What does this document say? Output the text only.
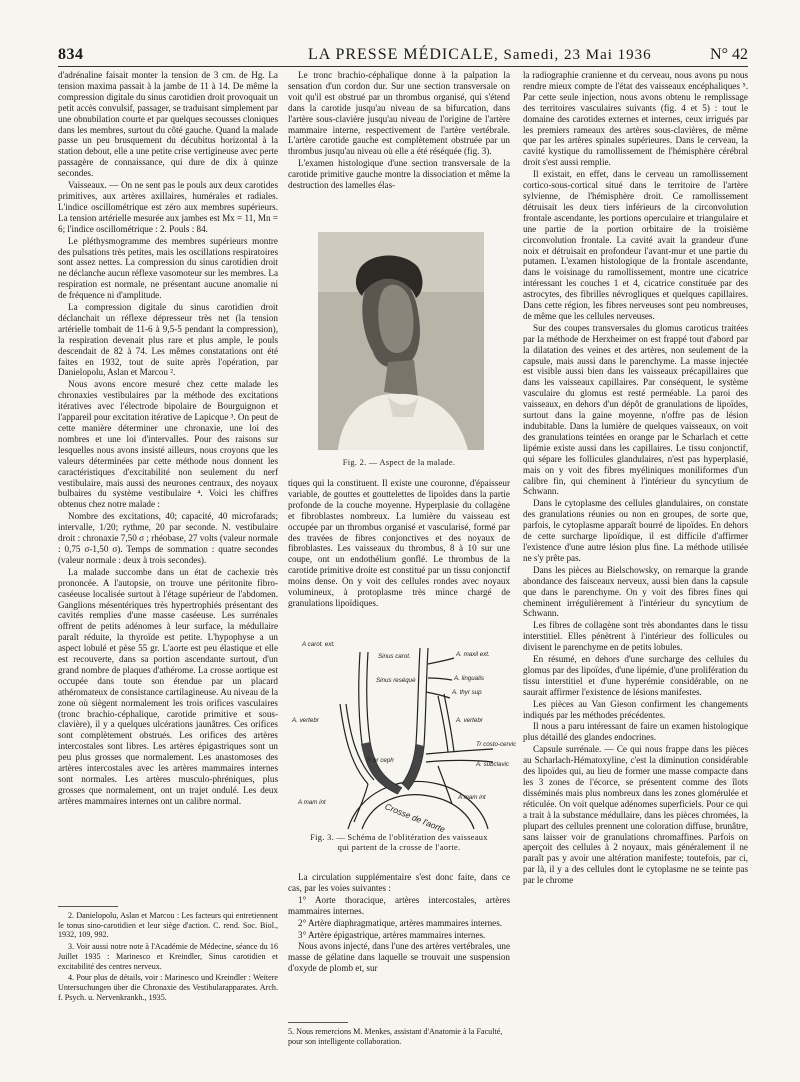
834	LA PRESSE MÉDICALE, Samedi, 23 Mai 1936	N° 42

d'adrénaline faisait monter la tension de 3 cm. de Hg. La tension maxima passait à la jambe de 11 à 14. De même la compression digitale du sinus carotidien droit provoquait un petit accès convulsif, passager, se traduisant simplement par une obnubilation courte et par quelques secousses cloniques dans les membres, surtout du côté gauche. Quand la malade passe un peu brusquement du décubitus horizontal à la station debout, elle a une petite crise vertigineuse avec perte passagère de connaissance, qui dure de dix à quinze secondes.

Vaisseaux. — On ne sent pas le pouls aux deux carotides primitives, aux artères axillaires, humérales et radiales. L'indice oscillométrique est zéro aux membres supérieurs. La tension artérielle mesurée aux jambes est Mx = 11, Mn = 6; l'indice oscillométrique : 2. Pouls : 84.

Le pléthysmogramme des membres supérieurs montre des pulsations très petites, mais les oscillations respiratoires sont assez nettes. La compression du sinus carotidien droit ne déclanche aucun réflexe vasomoteur sur les membres. La respiration est normale, ne présentant aucune anomalie ni de fréquence ni d'amplitude.

La compression digitale du sinus carotidien droit déclanchait un réflexe dépresseur très net (la tension artérielle tombait de 11-6 à 9,5-5 pendant la compression), la respiration devenait plus rare et plus ample, le pouls descendait de 82 à 74. Les mêmes constatations ont été faites en 1932, tout de suite après l'opération, par Danielopolu, Aslan et Marcou ².

Nous avons encore mesuré chez cette malade les chronaxies vestibulaires par la méthode des excitations itératives avec l'électrode bipolaire de Bourguignon et l'appareil pour excitation itérative de Lapicque ³. On peut de cette manière déterminer une chronaxie, une loi des nombres et une loi d'intervalles. Pour des raisons sur lesquelles nous avons insisté ailleurs, nous croyons que les valeurs déterminées par cette méthode nous donnent les caractéristiques d'excitabilité non seulement du nerf vestibulaire, mais aussi des neurones centraux, des noyaux bulbaires du système vestibulaire ⁴. Voici les chiffres obtenus chez notre malade :

Nombre des excitations, 40; capacité, 40 microfarads; intervalle, 1/20; rythme, 20 par seconde. N. vestibulaire droit : chronaxie 7,50 σ ; rhéobase, 27 volts (valeur normale : 0,75 σ-1,50 σ). Temps de sommation : quatre secondes (valeur normale : deux à trois secondes).

La malade succombe dans un état de cachexie très prononcée. A l'autopsie, on trouve une péritonite fibro-caséeuse localisée surtout à l'étage supérieur de l'abdomen. Ganglions mésentériques très hypertrophiés présentant des cavités remplies d'une masse caséeuse. Les surrénales offrent de petits adénomes à leur surface, la médullaire paraît réduite, la thyroïde est petite. L'hypophyse a un aspect lobulé et pèse 55 gr. L'aorte est peu élastique et elle est recouverte, dans sa portion ascendante surtout, d'un grand nombre de plaques d'athérome. La crosse aortique est occupée dans toute son étendue par un placard athéromateux de consistance cartilagineuse. Au niveau de la zone où siègent normalement les trois orifices vasculaires (tronc brachio-céphalique, carotide primitive et sous-clavière), il y a quelques ulcérations jaunâtres. Ces orifices sont complètement obstrués. Les orifices des artères intercostales sont libres. Les artères épigastriques sont un peu plus grosses que normalement. Les anastomoses des artères intercostales avec les artères mammaires internes sont normales. Les artères musculo-phréniques, plus grosses que normalement, ont un trajet ondulé. Les deux artères mammaires internes ont un calibre normal.

2. Danielopolu, Aslan et Marcou : Les facteurs qui entretiennent le tonus sino-carotidien et leur siège d'action. C. rend. Soc. Biol., 1932, 109, 992.

3. Voir aussi notre note à l'Académie de Médecine, séance du 16 Juillet 1935 : Marinesco et Kreindler, Sinus carotidien et excitabilité des centres nerveux.

4. Pour plus de détails, voir : Marinesco und Kreindler : Weitere Untersuchungen über die Chronaxie des Vestibularapparates. Arch. f. Psych. u. Nervenkrankh., 1935.

Le tronc brachio-céphalique donne à la palpation la sensation d'un cordon dur. Sur une section transversale on voit qu'il est obstrué par un thrombus organisé, qui s'étend dans la carotide jusqu'au niveau de sa bifurcation, dans l'artère sous-clavière jusqu'au niveau de l'origine de l'artère mammaire interne, respectivement de l'artère vertébrale. L'artère carotide gauche est complètement obstruée par un thrombus jusqu'au niveau où elle a été réséquée (fig. 3).

L'examen histologique d'une section transversale de la carotide primitive gauche montre la dissociation et même la destruction des lamelles élas-

Fig. 2. — Aspect de la malade.

tiques qui la constituent. Il existe une couronne, d'épaisseur variable, de gouttes et gouttelettes de lipoïdes dans la partie profonde de la couche moyenne. Hyperplasie du collagène et fibroblastes nombreux. La lumière du vaisseau est occupée par un thrombus organisé et vascularisé, formé par des travées de fibres conjonctives et des noyaux de fibroblastes. Les vaisseaux du thrombus, 8 à 10 sur une coupe, ont un endothélium gonflé. Le thrombus de la carotide primitive droite est constitué par un tissu conjonctif moins dense. On y voit des cellules rondes avec noyaux volumineux, à protoplasme très mince chargé de granulations lipoïdiques.

A carot. ext.
Sinus carot.
Sinus reséqué
A. maxil ext.
A. lingualis
A. thyr sup
A. vertebr	A. vertebr
Tr br ceph
Tr costo-cervic
A. subclavic
A mam int
A mam int
Crosse de l'aorte
Fig. 3. — Schéma de l'oblitération des vaisseaux
qui partent de la crosse de l'aorte.

La circulation supplémentaire s'est donc faite, dans ce cas, par les voies suivantes :

1° Aorte thoracique, artères intercostales, artères mammaires internes.

2° Artère diaphragmatique, artères mammaires internes.

3° Artère épigastrique, artères mammaires internes.

Nous avons injecté, dans l'une des artères vertébrales, une masse de gélatine dans laquelle se trouvait une suspension d'oxyde de plomb et, sur

5. Nous remercions M. Menkes, assistant d'Anatomie à la Faculté, pour son intelligente collaboration.

la radiographie cranienne et du cerveau, nous avons pu nous rendre mieux compte de l'état des vaisseaux encéphaliques ⁵. Par cette seule injection, nous avons obtenu le remplissage des territoires vasculaires suivants (fig. 4 et 5) : tout le domaine des carotides externes et internes, ceux irrigués par les premiers rameaux des artères sous-clavières, de même que par les artères spinales supérieures. Dans le cerveau, la cavité kystique du ramollissement de l'hémisphère cérébral droit s'est aussi remplie.

Il existait, en effet, dans le cerveau un ramollissement cortico-sous-cortical situé dans le territoire de l'artère sylvienne, de l'hémisphère droit. Ce ramollissement détruisait les deux tiers inférieurs de la circonvolution frontale ascendante, les portions operculaire et triangulaire et une partie de la portion orbitaire de la troisième circonvolution frontale. La cavité avait la grandeur d'une noix et détruisait en profondeur l'avant-mur et une partie du putamen. L'examen histologique de la frontale ascendante, dans le voisinage du ramollissement, montre une cicatrice intéressant les couches 1 et 4, cicatrice constituée par des astrocytes, des fibrilles névrogliques et quelques capillaires. Dans cette région, les fibres nerveuses sont peu nombreuses, de même que les cellules nerveuses.

Sur des coupes transversales du glomus caroticus traitées par la méthode de Herxheimer on est frappé tout d'abord par la dilatation des veines et des artères, non seulement de la capsule, mais aussi dans le parenchyme. La masse injectée est visible aussi bien dans les vaisseaux précapillaires que dans les vaisseaux capillaires. Par conséquent, le système vasculaire du glomus est resté perméable. La paroi des vaisseaux, en dehors d'un dépôt de granulations de lipoïdes, surtout dans la gaine moyenne, n'offre pas de lésion indubitable. Dans la lumière de quelques vaisseaux, on voit des granulations teintées en orange par le Scharlach et cette lipémie existe aussi dans les capillaires. Le tissu conjonctif, qui sépare les follicules glandulaires, n'est pas hyperplasié, mais on y voit des fibres myéliniques moniliformes d'un calibre fin, qui cheminent à l'intérieur du syncytium de Schwann.

Dans le cytoplasme des cellules glandulaires, on constate des granulations réunies ou non en groupes, de sorte que, parfois, le cytoplasme apparaît bourré de lipoïdes. En dehors de cette surcharge lipoïdique, il est difficile d'affirmer l'existence d'une autre lésion plus fine. La méthode utilisée ne s'y prête pas.

Dans les pièces au Bielschowsky, on remarque la grande abondance des faisceaux nerveux, aussi bien dans la capsule que dans le parenchyme. On y voit des fibres fines qui cheminent irrégulièrement à l'intérieur du syncytium de Schwann.

Les fibres de collagène sont très abondantes dans le tissu interstitiel. Elles pénètrent à l'intérieur des follicules ou divisent le parenchyme en de petits lobules.

En résumé, en dehors d'une surcharge des cellules du glomus par des lipoïdes, d'une lipémie, d'une prolifération du tissu interstitiel et d'une hyperémie considérable, on ne saurait affirmer l'existence de lésions manifestes.

Les pièces au Van Gieson confirment les changements indiqués par les méthodes précédentes.

Il nous a paru intéressant de faire un examen histologique plus détaillé des glandes endocrines.

Capsule surrénale. — Ce qui nous frappe dans les pièces au Scharlach-Hématoxyline, c'est la diminution considérable des lipoïdes qui, au lieu de former une masse compacte dans les 3 zones de l'écorce, se présentent comme des îlots disséminés mais plus nombreux dans les zones glomérulée et réticulée. On voit quelque adénomes superficiels. Pour ce qui a trait à la substance médullaire, dans les pièces chromées, la plupart des cellules prennent une coloration diffuse, brunâtre, sans laisser voir de granulations chromaffines. Parfois on aperçoit des cellules à 2 noyaux, mais généralement il ne paraît pas y avoir une altération manifeste; toutefois, par ci, par là, il y a des cellules dont le cytoplasme ne se teinte pas par le chrome
